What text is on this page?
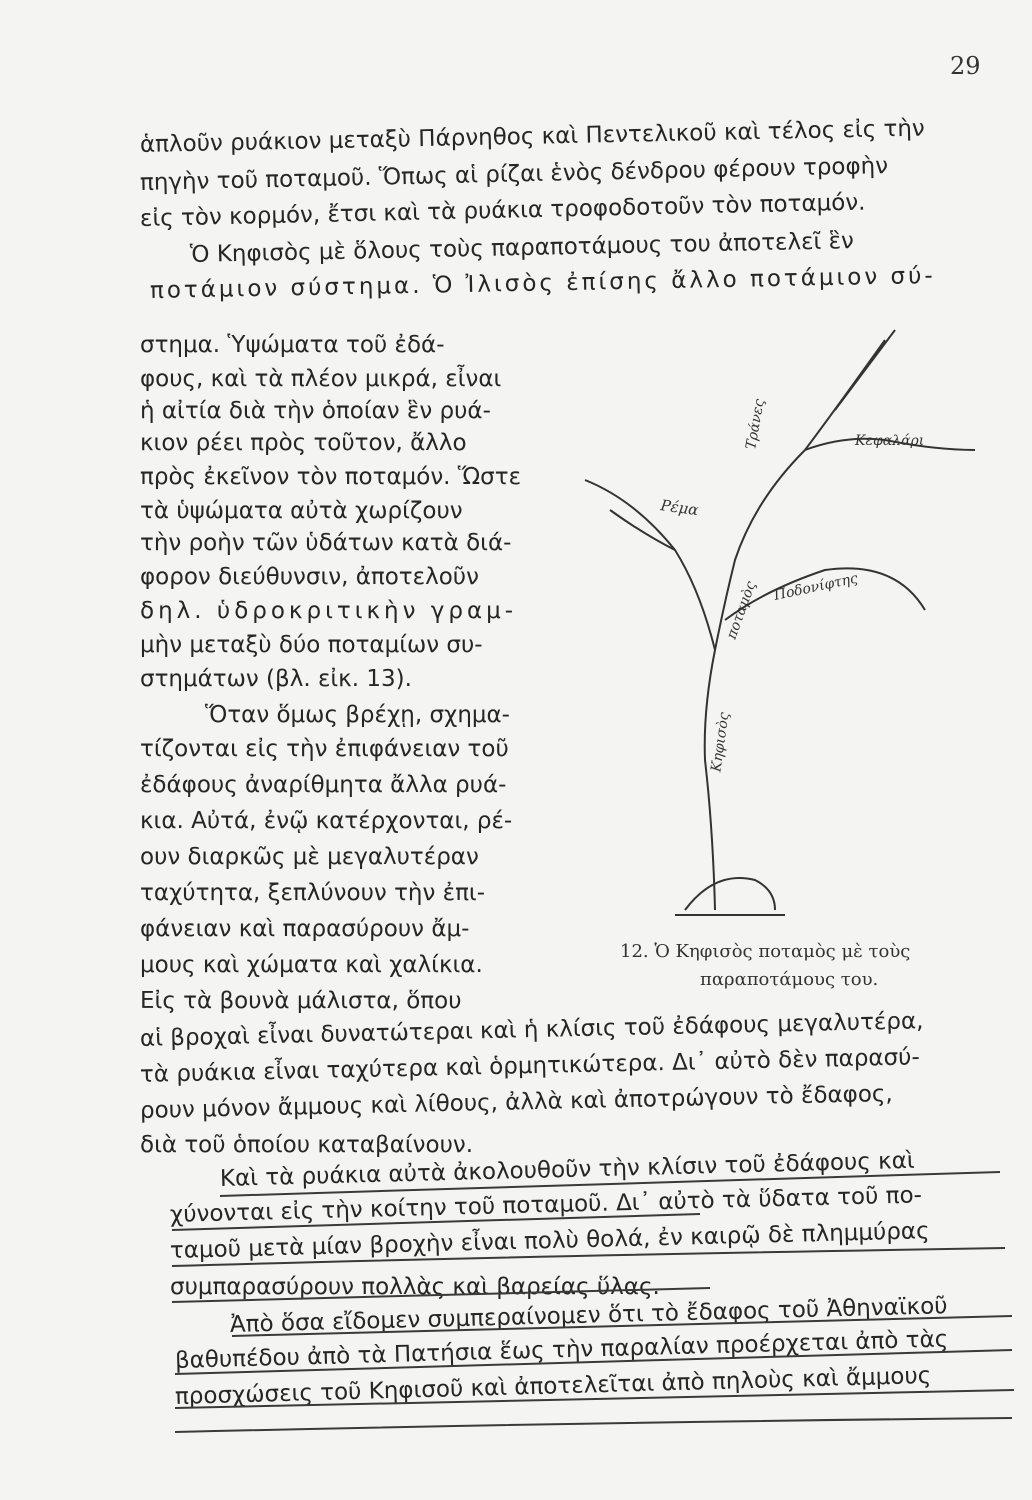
29
ἁπλοῦν ρυάκιον μεταξὺ Πάρνηθος καὶ Πεντελικοῦ καὶ τέλος εἰς τὴν
πηγὴν τοῦ ποταμοῦ. Ὅπως αἱ ρίζαι ἑνὸς δένδρου φέρουν τροφὴν
εἰς τὸν κορμόν, ἔτσι καὶ τὰ ρυάκια τροφοδοτοῦν τὸν ποταμόν.
Ὁ Κηφισὸς μὲ ὅλους τοὺς παραποτάμους του ἀποτελεῖ ἓν
ποτάμιον σύστημα. Ὁ Ἰλισὸς ἐπίσης ἄλλο ποτάμιον σύ-
στημα. Ὑψώματα τοῦ ἐδά-
φους, καὶ τὰ πλέον μικρά, εἶναι
ἡ αἰτία διὰ τὴν ὁποίαν ἓν ρυά-
κιον ρέει πρὸς τοῦτον, ἄλλο
πρὸς ἐκεῖνον τὸν ποταμόν. Ὥστε
τὰ ὑψώματα αὐτὰ χωρίζουν
τὴν ροὴν τῶν ὑδάτων κατὰ διά-
φορον διεύθυνσιν, ἀποτελοῦν
δηλ. ὑδροκριτικὴν γραμ-
μὴν μεταξὺ δύο ποταμίων συ-
στημάτων (βλ. εἰκ. 13).
Ὅταν ὅμως βρέχῃ, σχημα-
τίζονται εἰς τὴν ἐπιφάνειαν τοῦ
ἐδάφους ἀναρίθμητα ἄλλα ρυά-
κια. Αὐτά, ἐνῷ κατέρχονται, ρέ-
ουν διαρκῶς μὲ μεγαλυτέραν
ταχύτητα, ξεπλύνουν τὴν ἐπι-
φάνειαν καὶ παρασύρουν ἄμ-
μους καὶ χώματα καὶ χαλίκια.
Εἰς τὰ βουνὰ μάλιστα, ὅπου
αἱ βροχαὶ εἶναι δυνατώτεραι καὶ ἡ κλίσις τοῦ ἐδάφους μεγαλυτέρα,
τὰ ρυάκια εἶναι ταχύτερα καὶ ὁρμητικώτερα. Δι᾿ αὐτὸ δὲν παρασύ-
ρουν μόνον ἄμμους καὶ λίθους, ἀλλὰ καὶ ἀποτρώγουν τὸ ἔδαφος,
διὰ τοῦ ὁποίου καταβαίνουν.
Καὶ τὰ ρυάκια αὐτὰ ἀκολουθοῦν τὴν κλίσιν τοῦ ἐδάφους καὶ
χύνονται εἰς τὴν κοίτην τοῦ ποταμοῦ. Δι᾿ αὐτὸ τὰ ὕδατα τοῦ πο-
ταμοῦ μετὰ μίαν βροχὴν εἶναι πολὺ θολά, ἐν καιρῷ δὲ πλημμύρας
συμπαρασύρουν πολλὰς καὶ βαρείας ὕλας.
Ἀπὸ ὅσα εἴδομεν συμπεραίνομεν ὅτι τὸ ἔδαφος τοῦ Ἀθηναϊκοῦ
βαθυπέδου ἀπὸ τὰ Πατήσια ἕως τὴν παραλίαν προέρχεται ἀπὸ τὰς
προσχώσεις τοῦ Κηφισοῦ καὶ ἀποτελεῖται ἀπὸ πηλοὺς καὶ ἄμμους
Κηφισὸς
ποταμὸς
Ρέμα
Ποδονίφτης
Κεφαλάρι
Τράνες
12. Ὁ Κηφισὸς ποταμὸς μὲ τοὺς
παραποτάμους του.
